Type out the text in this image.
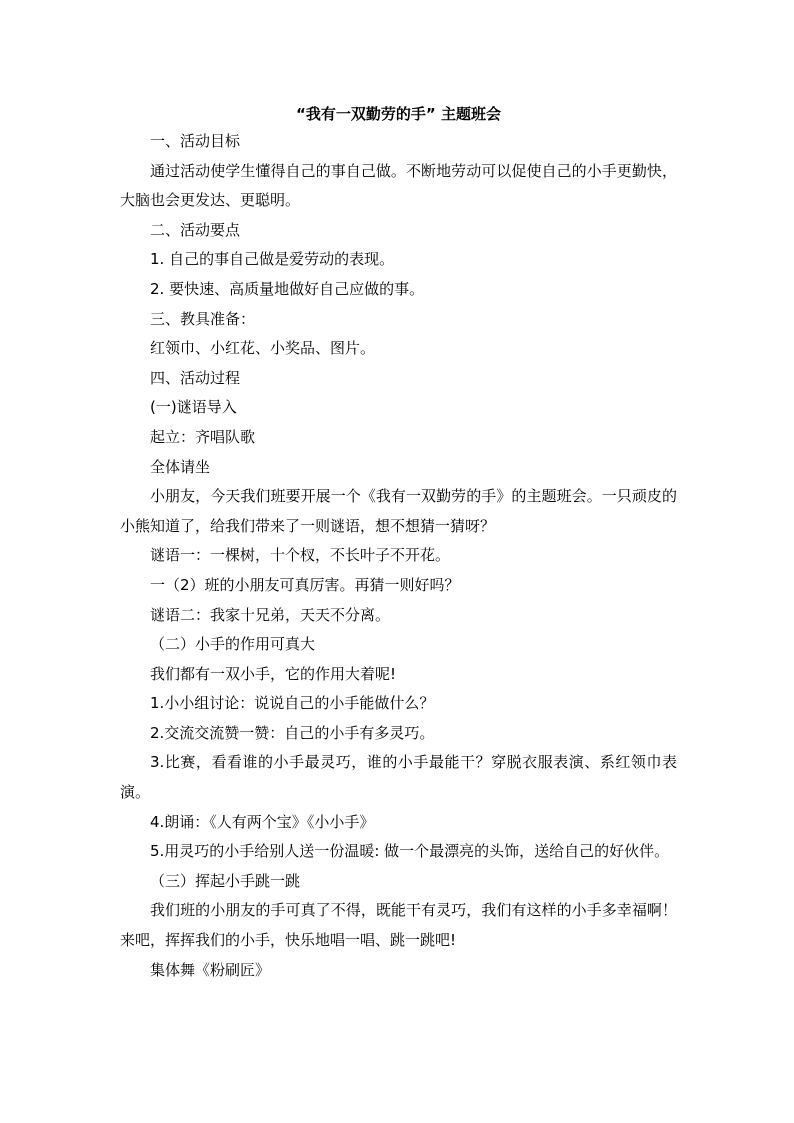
“我有一双勤劳的手” 主题班会

一、活动目标

通过活动使学生懂得自己的事自己做。不断地劳动可以促使自己的小手更勤快，大脑也会更发达、更聪明。

二、活动要点

1. 自己的事自己做是爱劳动的表现。

2. 要快速、高质量地做好自己应做的事。

三、教具准备：

红领巾、小红花、小奖品、图片。

四、活动过程

(一)谜语导入

起立：齐唱队歌

全体请坐

小朋友，今天我们班要开展一个《我有一双勤劳的手》的主题班会。一只顽皮的小熊知道了，给我们带来了一则谜语，想不想猜一猜呀？

谜语一：一棵树，十个杈，不长叶子不开花。

一（2）班的小朋友可真厉害。再猜一则好吗？

谜语二：我家十兄弟，天天不分离。

（二）小手的作用可真大

我们都有一双小手，它的作用大着呢!

1.小小组讨论：说说自己的小手能做什么？

2.交流交流赞一赞：自己的小手有多灵巧。

3.比赛，看看谁的小手最灵巧，谁的小手最能干？穿脱衣服表演、系红领巾表演。

4.朗诵：《人有两个宝》《小小手》

5.用灵巧的小手给别人送一份温暖: 做一个最漂亮的头饰，送给自己的好伙伴。

（三）挥起小手跳一跳

我们班的小朋友的手可真了不得，既能干有灵巧，我们有这样的小手多幸福啊！来吧，挥挥我们的小手，快乐地唱一唱、跳一跳吧!

集体舞《粉刷匠》
